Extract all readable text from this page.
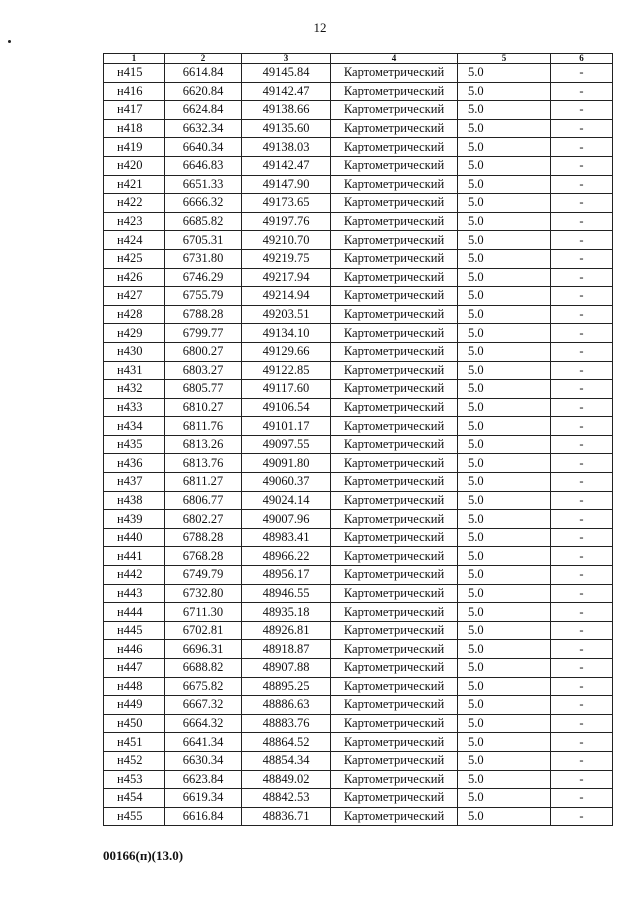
12
1	2	3	4	5	6
н415	6614.84	49145.84	Картометрический	5.0	-
н416	6620.84	49142.47	Картометрический	5.0	-
н417	6624.84	49138.66	Картометрический	5.0	-
н418	6632.34	49135.60	Картометрический	5.0	-
н419	6640.34	49138.03	Картометрический	5.0	-
н420	6646.83	49142.47	Картометрический	5.0	-
н421	6651.33	49147.90	Картометрический	5.0	-
н422	6666.32	49173.65	Картометрический	5.0	-
н423	6685.82	49197.76	Картометрический	5.0	-
н424	6705.31	49210.70	Картометрический	5.0	-
н425	6731.80	49219.75	Картометрический	5.0	-
н426	6746.29	49217.94	Картометрический	5.0	-
н427	6755.79	49214.94	Картометрический	5.0	-
н428	6788.28	49203.51	Картометрический	5.0	-
н429	6799.77	49134.10	Картометрический	5.0	-
н430	6800.27	49129.66	Картометрический	5.0	-
н431	6803.27	49122.85	Картометрический	5.0	-
н432	6805.77	49117.60	Картометрический	5.0	-
н433	6810.27	49106.54	Картометрический	5.0	-
н434	6811.76	49101.17	Картометрический	5.0	-
н435	6813.26	49097.55	Картометрический	5.0	-
н436	6813.76	49091.80	Картометрический	5.0	-
н437	6811.27	49060.37	Картометрический	5.0	-
н438	6806.77	49024.14	Картометрический	5.0	-
н439	6802.27	49007.96	Картометрический	5.0	-
н440	6788.28	48983.41	Картометрический	5.0	-
н441	6768.28	48966.22	Картометрический	5.0	-
н442	6749.79	48956.17	Картометрический	5.0	-
н443	6732.80	48946.55	Картометрический	5.0	-
н444	6711.30	48935.18	Картометрический	5.0	-
н445	6702.81	48926.81	Картометрический	5.0	-
н446	6696.31	48918.87	Картометрический	5.0	-
н447	6688.82	48907.88	Картометрический	5.0	-
н448	6675.82	48895.25	Картометрический	5.0	-
н449	6667.32	48886.63	Картометрический	5.0	-
н450	6664.32	48883.76	Картометрический	5.0	-
н451	6641.34	48864.52	Картометрический	5.0	-
н452	6630.34	48854.34	Картометрический	5.0	-
н453	6623.84	48849.02	Картометрический	5.0	-
н454	6619.34	48842.53	Картометрический	5.0	-
н455	6616.84	48836.71	Картометрический	5.0	-
00166(п)(13.0)
